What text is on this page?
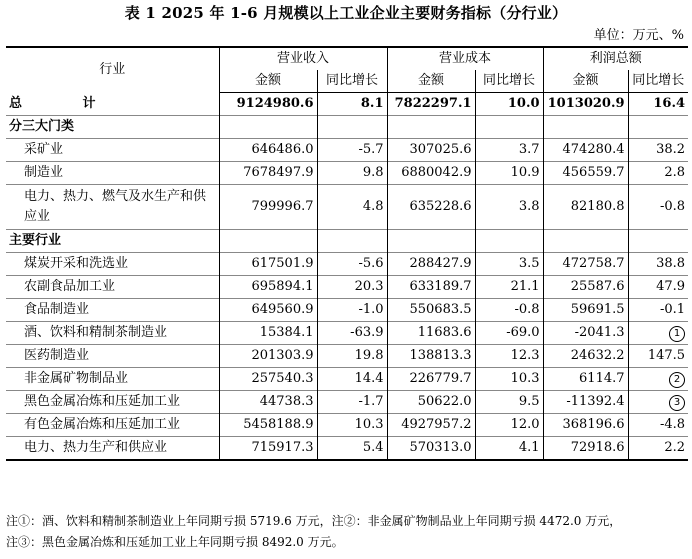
表 1 2025 年 1-6 月规模以上工业企业主要财务指标（分行业）
单位：万元、%
行业	营业收入		营业成本		利润总额	
	金额	同比增长	金额	同比增长	金额	同比增长
总 计	9124980.6	8.1	7822297.1	10.0	1013020.9	16.4
分三大门类						
采矿业	646486.0	-5.7	307025.6	3.7	474280.4	38.2
制造业	7678497.9	9.8	6880042.9	10.9	456559.7	2.8
电力、热力、燃气及水生产和供应业	799996.7	4.8	635228.6	3.8	82180.8	-0.8
主要行业						
煤炭开采和洗选业	617501.9	-5.6	288427.9	3.5	472758.7	38.8
农副食品加工业	695894.1	20.3	633189.7	21.1	25587.6	47.9
食品制造业	649560.9	-1.0	550683.5	-0.8	59691.5	-0.1
酒、饮料和精制茶制造业	15384.1	-63.9	11683.6	-69.0	-2041.3	1
医药制造业	201303.9	19.8	138813.3	12.3	24632.2	147.5
非金属矿物制品业	257540.3	14.4	226779.7	10.3	6114.7	2
黑色金属冶炼和压延加工业	44738.3	-1.7	50622.0	9.5	-11392.4	3
有色金属冶炼和压延加工业	5458188.9	10.3	4927957.2	12.0	368196.6	-4.8
电力、热力生产和供应业	715917.3	5.4	570313.0	4.1	72918.6	2.2
注①：酒、饮料和精制茶制造业上年同期亏损 5719.6 万元，注②：非金属矿物制品业上年同期亏损 4472.0 万元，
注③：黑色金属冶炼和压延加工业上年同期亏损 8492.0 万元。
